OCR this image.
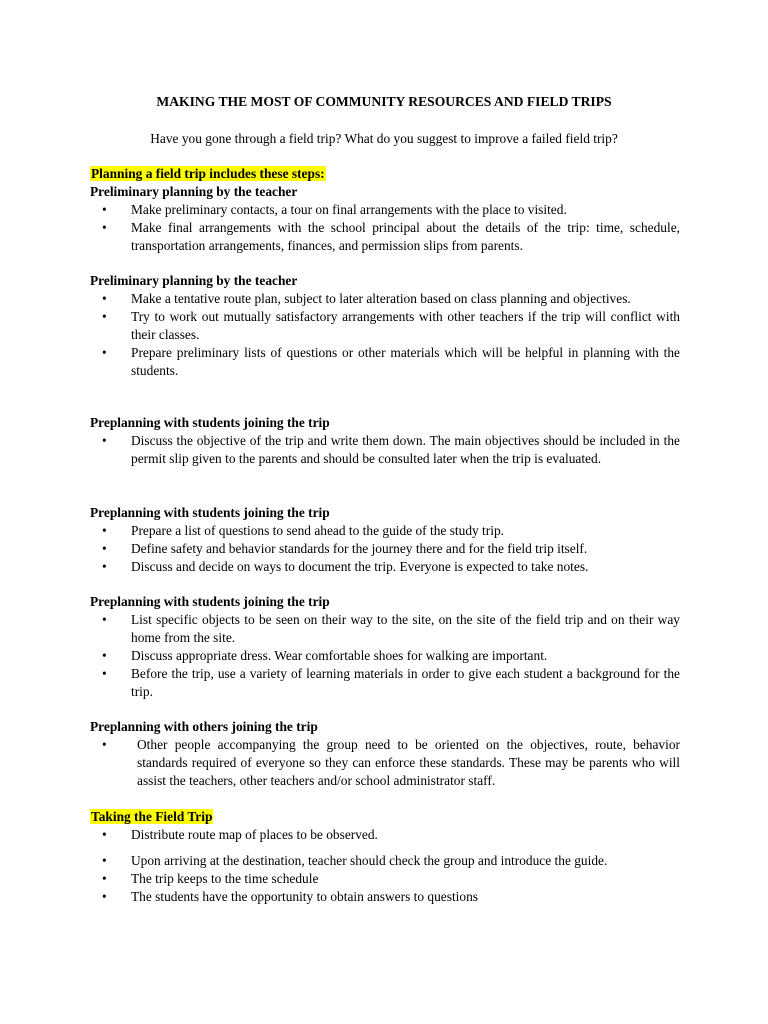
MAKING THE MOST OF COMMUNITY RESOURCES AND FIELD TRIPS
Have you gone through a field trip? What do you suggest to improve a failed field trip?
Planning a field trip includes these steps:
Preliminary planning by the teacher
• Make preliminary contacts, a tour on final arrangements with the place to visited.
• Make final arrangements with the school principal about the details of the trip: time, schedule, transportation arrangements, finances, and permission slips from parents.
Preliminary planning by the teacher
• Make a tentative route plan, subject to later alteration based on class planning and objectives.
• Try to work out mutually satisfactory arrangements with other teachers if the trip will conflict with their classes.
• Prepare preliminary lists of questions or other materials which will be helpful in planning with the students.
Preplanning with students joining the trip
• Discuss the objective of the trip and write them down. The main objectives should be included in the permit slip given to the parents and should be consulted later when the trip is evaluated.
Preplanning with students joining the trip
• Prepare a list of questions to send ahead to the guide of the study trip.
• Define safety and behavior standards for the journey there and for the field trip itself.
• Discuss and decide on ways to document the trip. Everyone is expected to take notes.
Preplanning with students joining the trip
• List specific objects to be seen on their way to the site, on the site of the field trip and on their way home from the site.
• Discuss appropriate dress. Wear comfortable shoes for walking are important.
• Before the trip, use a variety of learning materials in order to give each student a background for the trip.
Preplanning with others joining the trip
• Other people accompanying the group need to be oriented on the objectives, route, behavior standards required of everyone so they can enforce these standards. These may be parents who will assist the teachers, other teachers and/or school administrator staff.
Taking the Field Trip
• Distribute route map of places to be observed.
• Upon arriving at the destination, teacher should check the group and introduce the guide.
• The trip keeps to the time schedule
• The students have the opportunity to obtain answers to questions
